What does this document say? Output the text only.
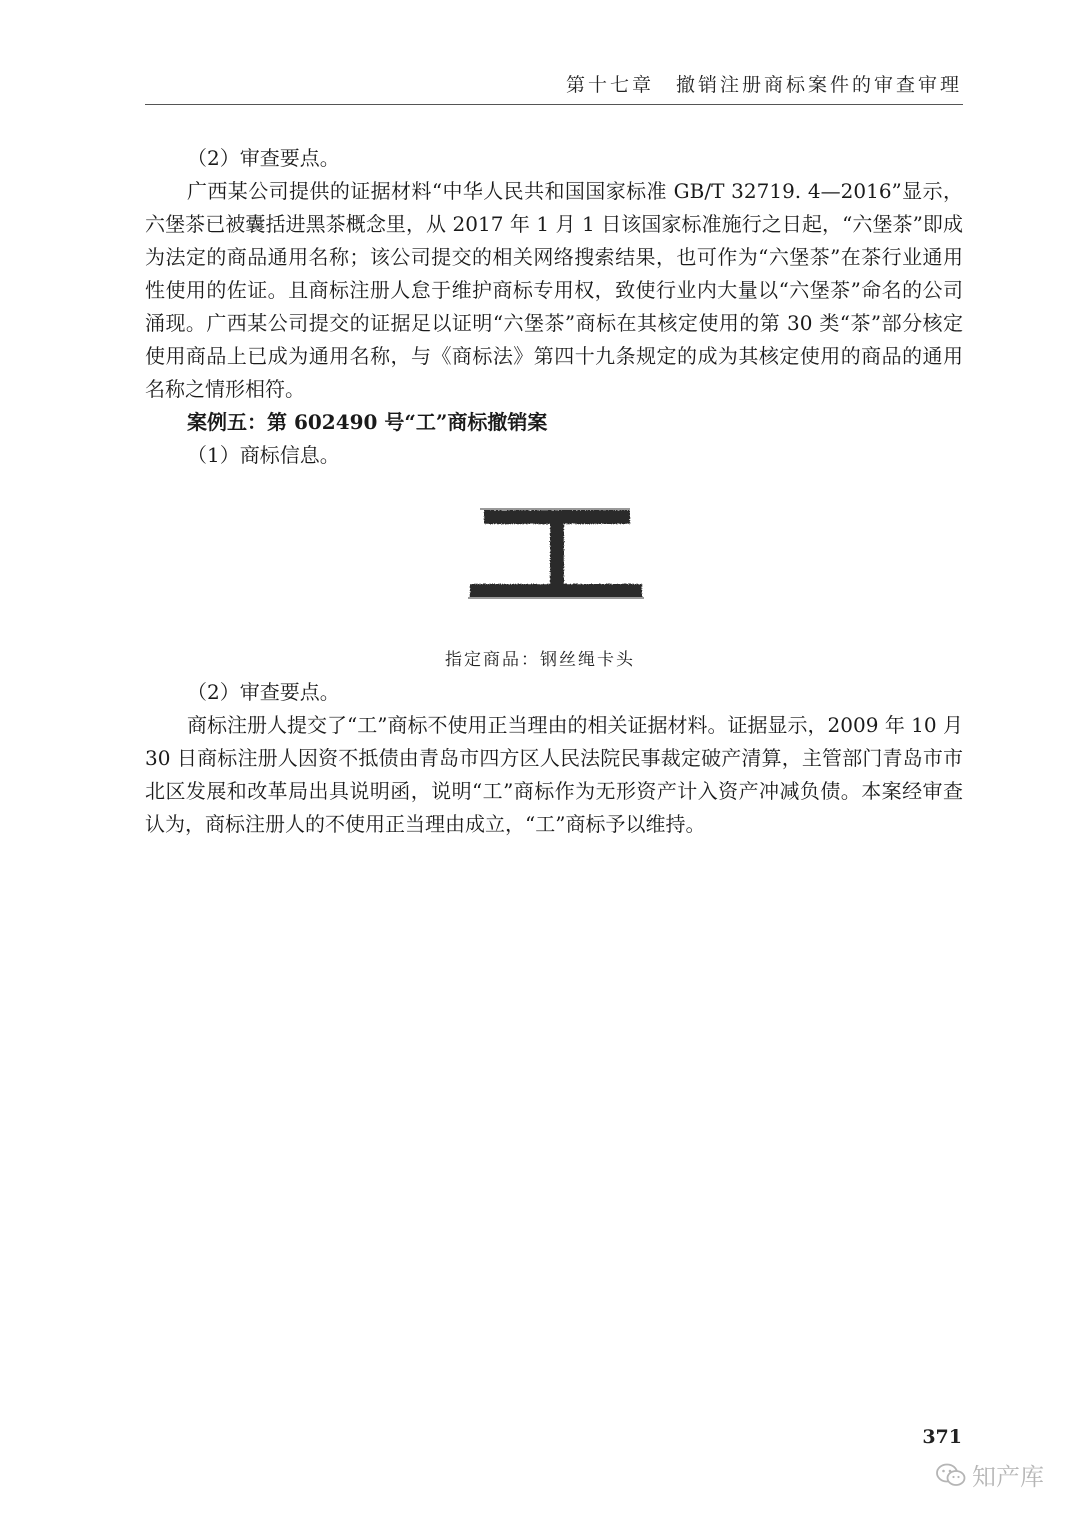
第十七章　撤销注册商标案件的审查审理

（2）审查要点。

广西某公司提供的证据材料“中华人民共和国国家标准 GB/T 32719. 4—2016”显示，六堡茶已被囊括进黑茶概念里，从 2017 年 1 月 1 日该国家标准施行之日起，“六堡茶”即成为法定的商品通用名称；该公司提交的相关网络搜索结果，也可作为“六堡茶”在茶行业通用性使用的佐证。且商标注册人怠于维护商标专用权，致使行业内大量以“六堡茶”命名的公司涌现。广西某公司提交的证据足以证明“六堡茶”商标在其核定使用的第 30 类“茶”部分核定使用商品上已成为通用名称，与《商标法》第四十九条规定的成为其核定使用的商品的通用名称之情形相符。

案例五：第 602490 号“工”商标撤销案

（1）商标信息。

指定商品：钢丝绳卡头

（2）审查要点。

商标注册人提交了“工”商标不使用正当理由的相关证据材料。证据显示，2009 年 10 月 30 日商标注册人因资不抵债由青岛市四方区人民法院民事裁定破产清算，主管部门青岛市市北区发展和改革局出具说明函，说明“工”商标作为无形资产计入资产冲减负债。本案经审查认为，商标注册人的不使用正当理由成立，“工”商标予以维持。

371
知产库
